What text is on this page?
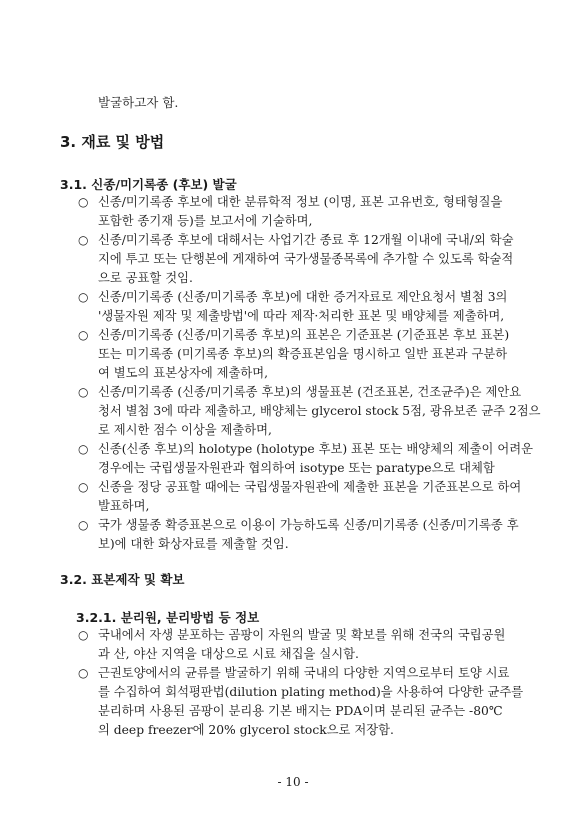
발굴하고자 함.
3. 재료 및 방법
3.1. 신종/미기록종 (후보) 발굴
○ 신종/미기록종 후보에 대한 분류학적 정보 (이명, 표본 고유번호, 형태형질을
포함한 종기재 등)를 보고서에 기술하며,
○ 신종/미기록종 후보에 대해서는 사업기간 종료 후 12개월 이내에 국내/외 학술
지에 투고 또는 단행본에 게재하여 국가생물종목록에 추가할 수 있도록 학술적
으로 공표할 것임.
○ 신종/미기록종 (신종/미기록종 후보)에 대한 증거자료로 제안요청서 별첨 3의
'생물자원 제작 및 제출방법'에 따라 제작·처리한 표본 및 배양체를 제출하며,
○ 신종/미기록종 (신종/미기록종 후보)의 표본은 기준표본 (기준표본 후보 표본)
또는 미기록종 (미기록종 후보)의 확증표본임을 명시하고 일반 표본과 구분하
여 별도의 표본상자에 제출하며,
○ 신종/미기록종 (신종/미기록종 후보)의 생물표본 (건조표본, 건조균주)은 제안요
청서 별첨 3에 따라 제출하고, 배양체는 glycerol stock 5점, 광유보존 균주 2점으
로 제시한 점수 이상을 제출하며,
○ 신종(신종 후보)의 holotype (holotype 후보) 표본 또는 배양체의 제출이 어려운
경우에는 국립생물자원관과 협의하여 isotype 또는 paratype으로 대체함
○ 신종을 정당 공표할 때에는 국립생물자원관에 제출한 표본을 기준표본으로 하여
발표하며,
○ 국가 생물종 확증표본으로 이용이 가능하도록 신종/미기록종 (신종/미기록종 후
보)에 대한 화상자료를 제출할 것임.
3.2. 표본제작 및 확보
3.2.1. 분리원, 분리방법 등 정보
○ 국내에서 자생 분포하는 곰팡이 자원의 발굴 및 확보를 위해 전국의 국립공원
과 산, 야산 지역을 대상으로 시료 채집을 실시함.
○ 근권토양에서의 균류를 발굴하기 위해 국내의 다양한 지역으로부터 토양 시료
를 수집하여 회석평판법(dilution plating method)을 사용하여 다양한 균주를
분리하며 사용된 곰팡이 분리용 기본 배지는 PDA이며 분리된 균주는 -80℃
의 deep freezer에 20% glycerol stock으로 저장함.
- 10 -
